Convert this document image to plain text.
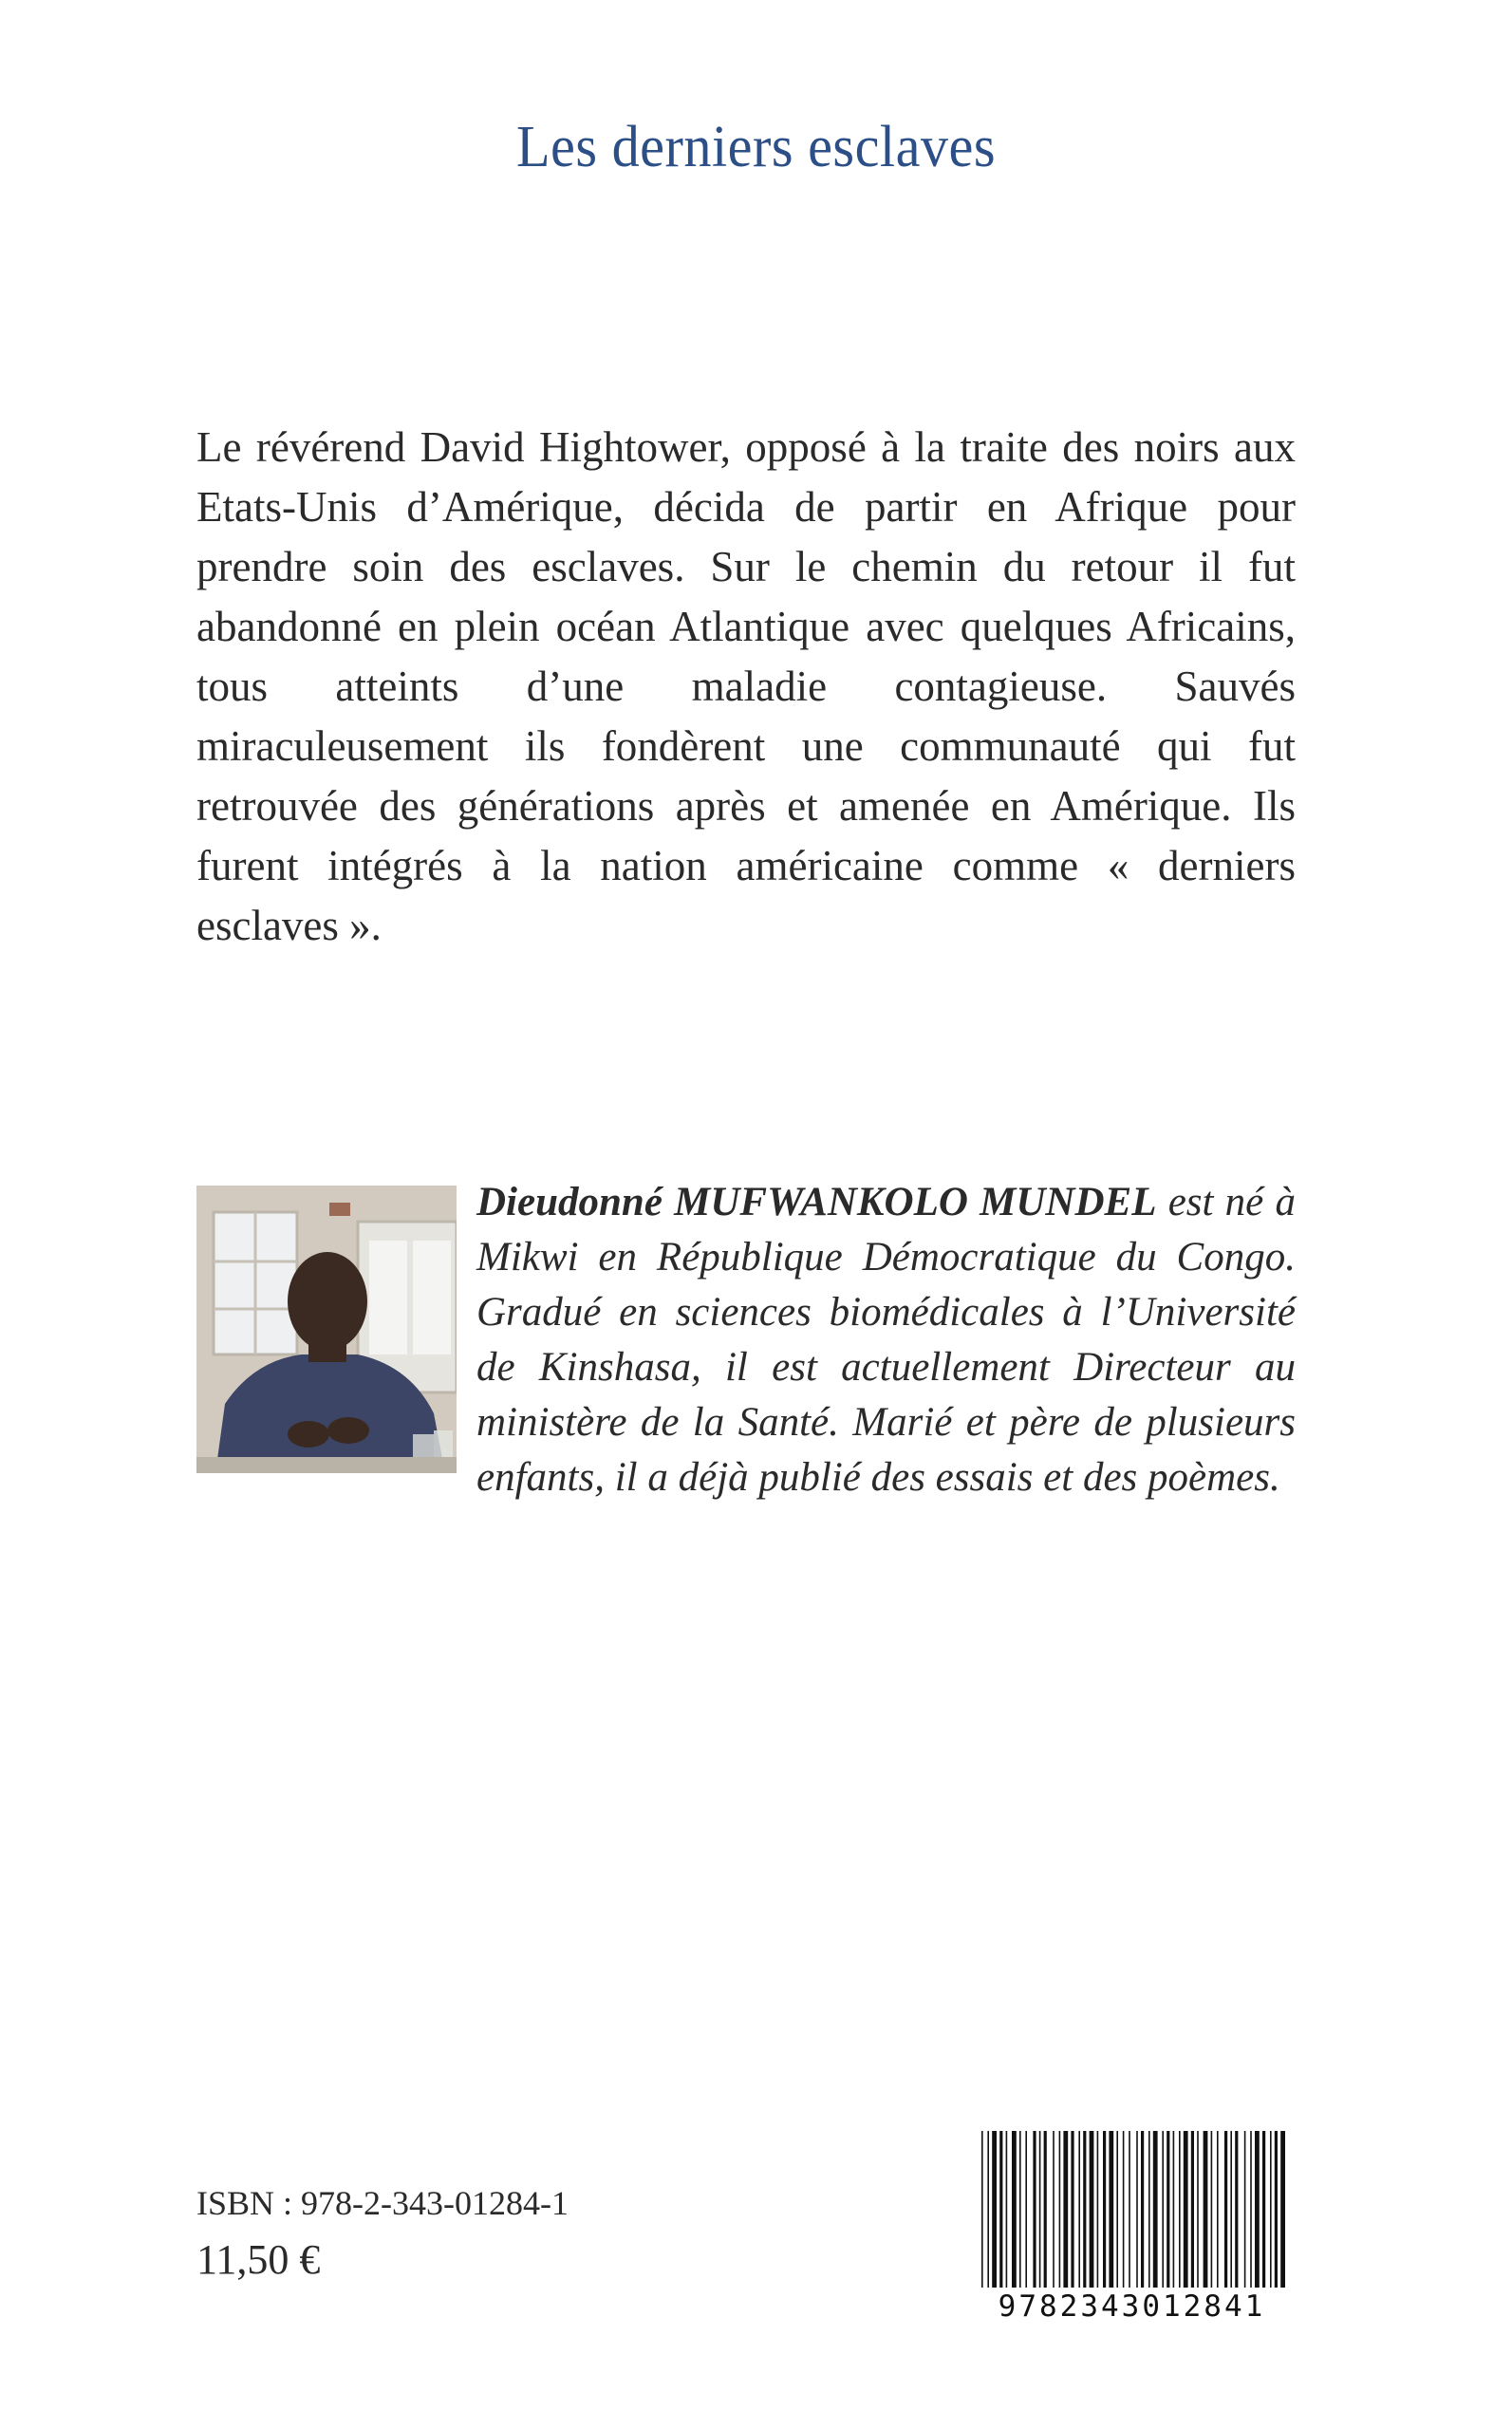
Les derniers esclaves

Le révérend David Hightower, opposé à la traite des noirs aux Etats-Unis d’Amérique, décida de partir en Afrique pour prendre soin des esclaves. Sur le chemin du retour il fut abandonné en plein océan Atlantique avec quelques Africains, tous atteints d’une maladie contagieuse. Sauvés miraculeusement ils fondèrent une communauté qui fut retrouvée des générations après et amenée en Amérique. Ils furent intégrés à la nation américaine comme « derniers esclaves ».

Dieudonné MUFWANKOLO MUNDEL est né à Mikwi en République Démocratique du Congo. Gradué en sciences biomédicales à l’Université de Kinshasa, il est actuellement Directeur au ministère de la Santé. Marié et père de plusieurs enfants, il a déjà publié des essais et des poèmes.

ISBN : 978-2-343-01284-1

11,50 €

9782343012841
